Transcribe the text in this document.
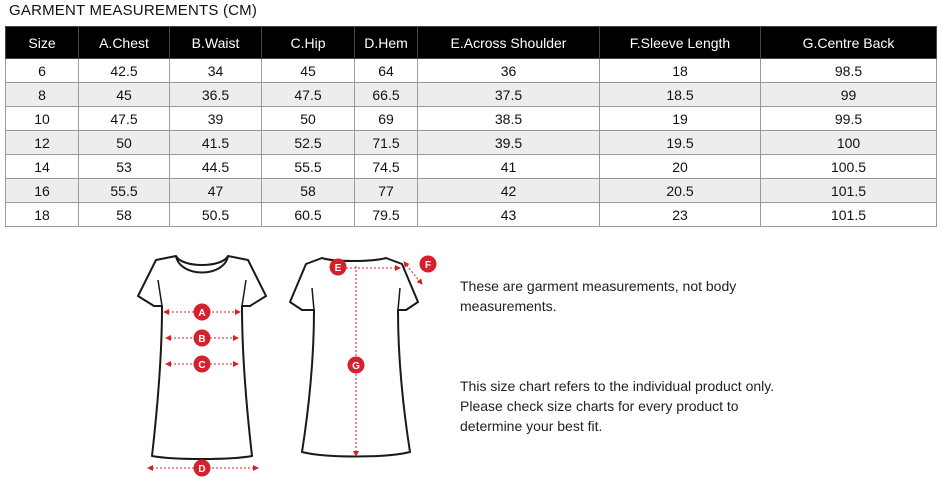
GARMENT MEASUREMENTS (CM)
Size	A.Chest	B.Waist	C.Hip	D.Hem	E.Across Shoulder	F.Sleeve Length	G.Centre Back
6	42.5	34	45	64	36	18	98.5
8	45	36.5	47.5	66.5	37.5	18.5	99
10	47.5	39	50	69	38.5	19	99.5
12	50	41.5	52.5	71.5	39.5	19.5	100
14	53	44.5	55.5	74.5	41	20	100.5
16	55.5	47	58	77	42	20.5	101.5
18	58	50.5	60.5	79.5	43	23	101.5
A
B
C
D
E	F
G
These are garment measurements, not body measurements.
This size chart refers to the individual product only. Please check size charts for every product to determine your best fit.
